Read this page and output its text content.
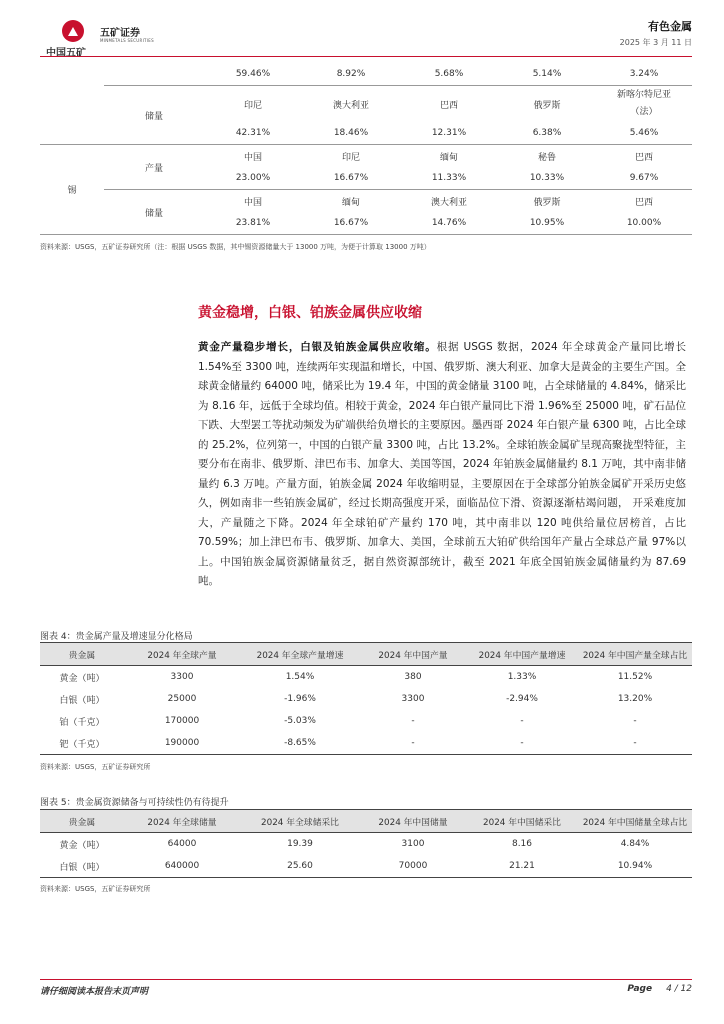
中国五矿
五矿证券
MINMETALS SECURITIES
有色金属
2025 年 3 月 11 日
		59.46%	8.92%	5.68%	5.14%	3.24%
	储量	印尼	澳大利亚	巴西	俄罗斯	新喀尔特尼亚
（法）
		42.31%	18.46%	12.31%	6.38%	5.46%
锡	产量	中国	印尼	缅甸	秘鲁	巴西
		23.00%	16.67%	11.33%	10.33%	9.67%
	储量	中国	缅甸	澳大利亚	俄罗斯	巴西
		23.81%	16.67%	14.76%	10.95%	10.00%
资料来源：USGS，五矿证券研究所（注：根据 USGS 数据，其中锡资源储量大于 13000 万吨，为便于计算取 13000 万吨）
黄金稳增，白银、铂族金属供应收缩
黄金产量稳步增长，白银及铂族金属供应收缩。根据 USGS 数据，2024 年全球黄金产量同比增长 1.54%至 3300 吨，连续两年实现温和增长，中国、俄罗斯、澳大利亚、加拿大是黄金的主要生产国。全球黄金储量约 64000 吨，储采比为 19.4 年，中国的黄金储量 3100 吨，占全球储量的 4.84%，储采比为 8.16 年，远低于全球均值。相较于黄金，2024 年白银产量同比下滑 1.96%至 25000 吨，矿石品位下跌、大型罢工等扰动频发为矿端供给负增长的主要原因。墨西哥 2024 年白银产量 6300 吨，占比全球的 25.2%，位列第一，中国的白银产量 3300 吨，占比 13.2%。全球铂族金属矿呈现高聚拢型特征，主要分布在南非、俄罗斯、津巴布韦、加拿大、美国等国，2024 年铂族金属储量约 8.1 万吨，其中南非储量约 6.3 万吨。产量方面，铂族金属 2024 年收缩明显，主要原因在于全球部分铂族金属矿开采历史悠久，例如南非一些铂族金属矿，经过长期高强度开采，面临品位下滑、资源逐渐枯竭问题， 开采难度加大，产量随之下降。2024 年全球铂矿产量约 170 吨，其中南非以 120 吨供给量位居榜首，占比 70.59%；加上津巴布韦、俄罗斯、加拿大、美国，全球前五大铂矿供给国年产量占全球总产量 97%以上。中国铂族金属资源储量贫乏，据自然资源部统计，截至 2021 年底全国铂族金属储量约为 87.69 吨。
图表 4：贵金属产量及增速显分化格局
贵金属	2024 年全球产量	2024 年全球产量增速	2024 年中国产量	2024 年中国产量增速	2024 年中国产量全球占比
黄金（吨）	3300	1.54%	380	1.33%	11.52%
白银（吨）	25000	-1.96%	3300	-2.94%	13.20%
铂（千克）	170000	-5.03%	-	-	-
钯（千克）	190000	-8.65%	-	-	-
资料来源：USGS，五矿证券研究所
图表 5：贵金属资源储备与可持续性仍有待提升
贵金属	2024 年全球储量	2024 年全球储采比	2024 年中国储量	2024 年中国储采比	2024 年中国储量全球占比
黄金（吨）	64000	19.39	3100	8.16	4.84%
白银（吨）	640000	25.60	70000	21.21	10.94%
资料来源：USGS，五矿证券研究所
请仔细阅读本报告末页声明	Page 4 / 12
